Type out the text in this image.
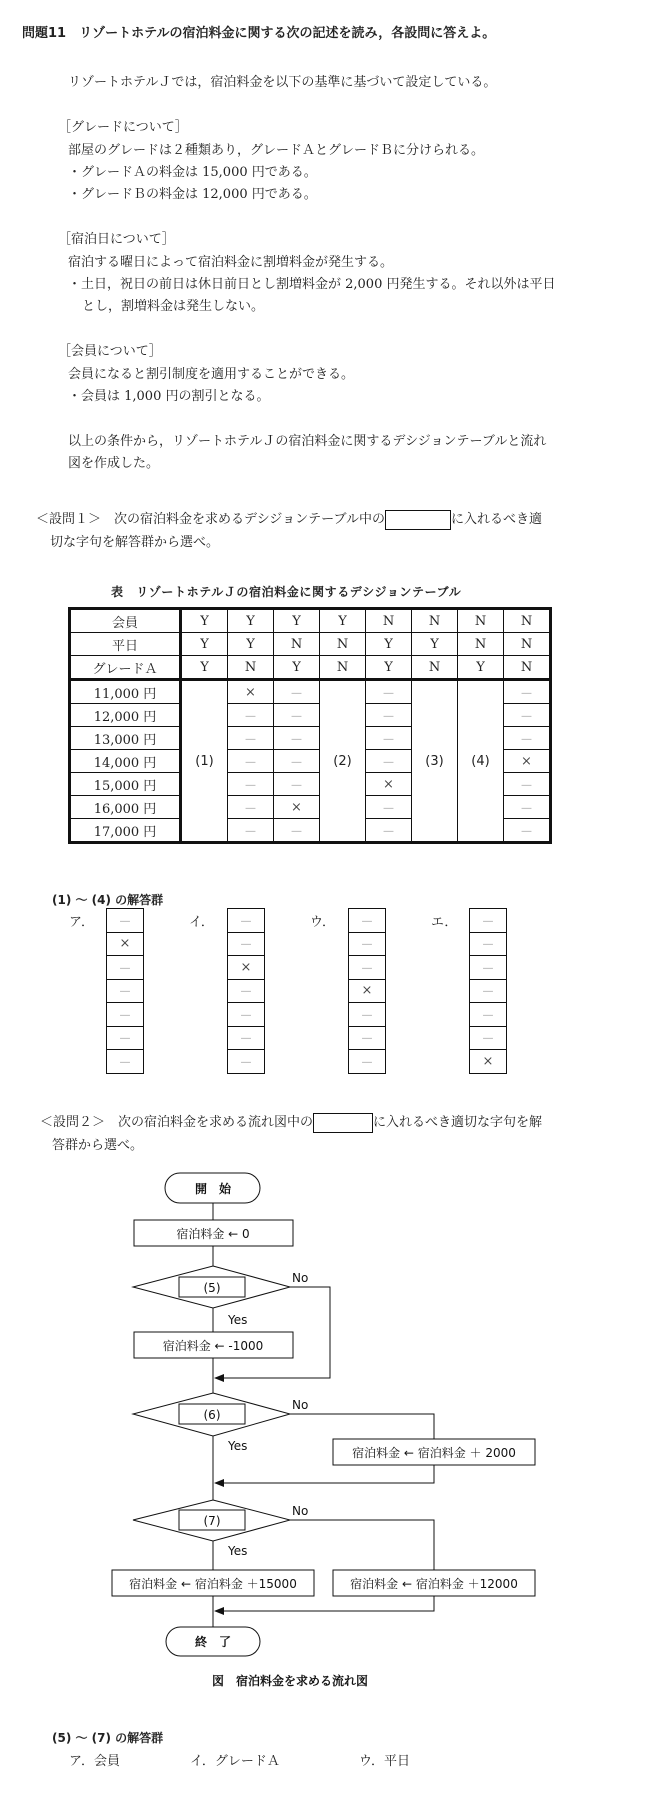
問題11　リゾートホテルの宿泊料金に関する次の記述を読み，各設問に答えよ。
リゾートホテルＪでは，宿泊料金を以下の基準に基づいて設定している。
［グレードについて］
部屋のグレードは２種類あり，グレードＡとグレードＢに分けられる。
・グレードＡの料金は 15,000 円である。
・グレードＢの料金は 12,000 円である。
［宿泊日について］
宿泊する曜日によって宿泊料金に割増料金が発生する。
・土日，祝日の前日は休日前日とし割増料金が 2,000 円発生する。それ以外は平日
とし，割増料金は発生しない。
［会員について］
会員になると割引制度を適用することができる。
・会員は 1,000 円の割引となる。
以上の条件から，リゾートホテルＪの宿泊料金に関するデシジョンテーブルと流れ
図を作成した。
＜設問１＞　次の宿泊料金を求めるデシジョンテーブル中の	に入れるべき適
切な字句を解答群から選べ。
表　リゾートホテルＪの宿泊料金に関するデシジョンテーブル
会員	Y	Y	Y	Y	N	N	N	N
平日	Y	Y	N	N	Y	Y	N	N
グレードＡ	Y	N	Y	N	Y	N	Y	N
11,000 円	(1)	×	－	(2)	－	(3)	(4)	－
12,000 円		－	－		－			－
13,000 円		－	－		－			－
14,000 円		－	－		－			×
15,000 円		－	－		×			－
16,000 円		－	×		－			－
17,000 円		－	－		－			－
(1) ～ (4) の解答群
ア． －
×
－
－
－
－
－
イ． －
－
×
－
－
－
－
ウ． －
－
－
×
－
－
－
エ． －
－
－
－
－
－
×
＜設問２＞　次の宿泊料金を求める流れ図中の	に入れるべき適切な字句を解
答群から選べ。
開　始
宿泊料金 ← 0
(5)
No
Yes
宿泊料金 ← -1000
(6)
No
Yes	宿泊料金 ← 宿泊料金 ＋ 2000
(7)
No
Yes
宿泊料金 ← 宿泊料金 ＋15000	宿泊料金 ← 宿泊料金 ＋12000
終　了
図　宿泊料金を求める流れ図
(5) ～ (7) の解答群
ア．会員	イ．グレードＡ	ウ．平日
